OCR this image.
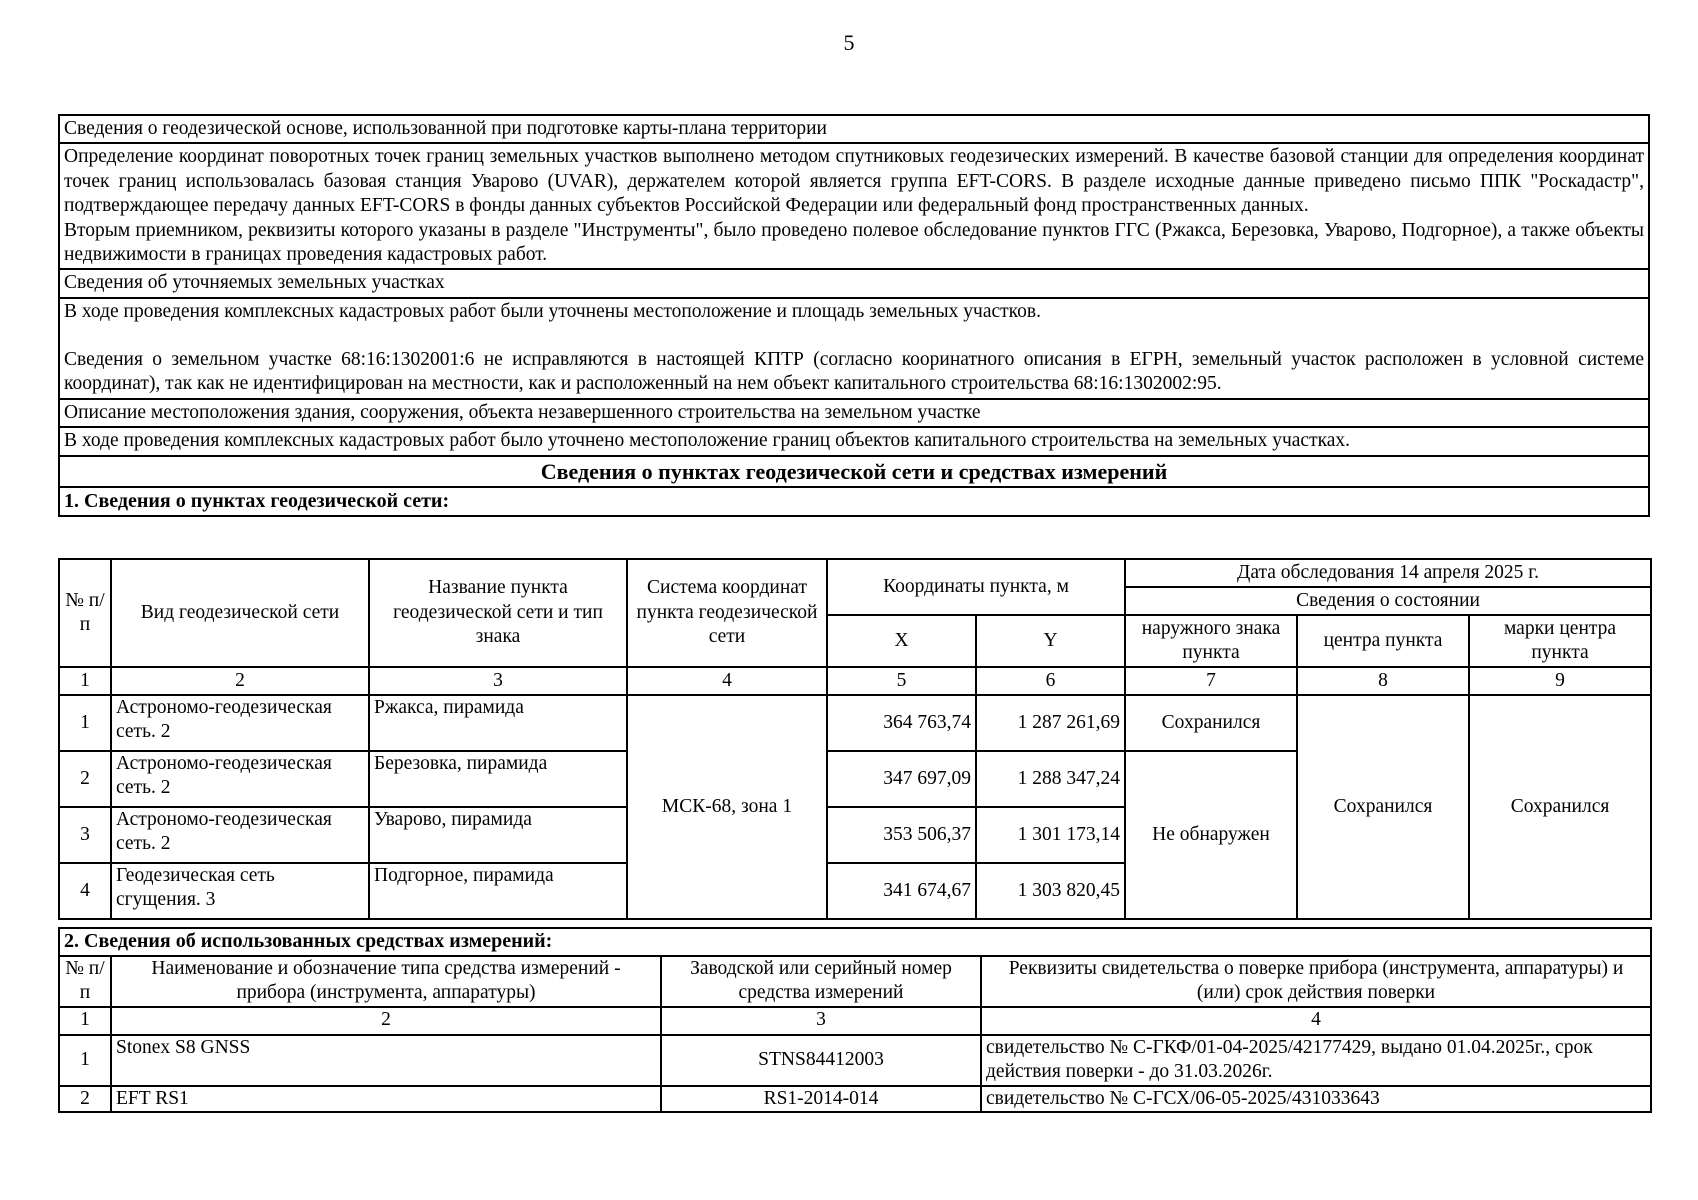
5
Сведения о геодезической основе, использованной при подготовке карты-плана территории

Определение координат поворотных точек границ земельных участков выполнено методом спутниковых геодезических измерений. В качестве базовой станции для определения координат точек границ использовалась базовая станция Уварово (UVAR), держателем которой является группа EFT-CORS. В разделе исходные данные приведено письмо ППК "Роскадастр", подтверждающее передачу данных EFT-CORS в фонды данных субъектов Российской Федерации или федеральный фонд пространственных данных.
Вторым приемником, реквизиты которого указаны в разделе "Инструменты", было проведено полевое обследование пунктов ГГС (Ржакса, Березовка, Уварово, Подгорное), а также объекты недвижимости в границах проведения кадастровых работ.

Сведения об уточняемых земельных участках

В ходе проведения комплексных кадастровых работ были уточнены местоположение и площадь земельных участков.
Сведения о земельном участке 68:16:1302001:6 не исправляются в настоящей КПТР (согласно кооринатного описания в ЕГРН, земельный участок расположен в условной системе координат), так как не идентифицирован на местности, как и расположенный на нем объект капитального строительства 68:16:1302002:95.

Описание местоположения здания, сооружения, объекта незавершенного строительства на земельном участке
В ходе проведения комплексных кадастровых работ было уточнено местоположение границ объектов капитального строительства на земельных участках.
Сведения о пунктах геодезической сети и средствах измерений
1. Сведения о пунктах геодезической сети:
№ п/п	Вид геодезической сети	Название пункта геодезической сети и тип знака	Система координат пункта геодезической сети	Координаты пункта, м		Дата обследования 14 апреля 2025 г.		
						Сведения о состоянии		
				X	Y	наружного знака пункта	центра пункта	марки центра пункта
1	2	3	4	5	6	7	8	9
1	Астрономо-геодезическая сеть. 2	Ржакса, пирамида	МСК-68, зона 1	364 763,74	1 287 261,69	Сохранился	Сохранился	Сохранился
2	Астрономо-геодезическая сеть. 2	Березовка, пирамида		347 697,09	1 288 347,24	Не обнаружен		
3	Астрономо-геодезическая сеть. 2	Уварово, пирамида		353 506,37	1 301 173,14			
4	Геодезическая сеть сгущения. 3	Подгорное, пирамида		341 674,67	1 303 820,45			
2. Сведения об использованных средствах измерений:			
№ п/п	Наименование и обозначение типа средства измерений - прибора (инструмента, аппаратуры)	Заводской или серийный номер средства измерений	Реквизиты свидетельства о поверке прибора (инструмента, аппаратуры) и (или) срок действия поверки
1	2	3	4
1	Stonex S8 GNSS	STNS84412003	свидетельство № С-ГКФ/01-04-2025/42177429, выдано 01.04.2025г., срок действия поверки - до 31.03.2026г.
2	EFT RS1	RS1-2014-014	свидетельство № С-ГСХ/06-05-2025/431033643
